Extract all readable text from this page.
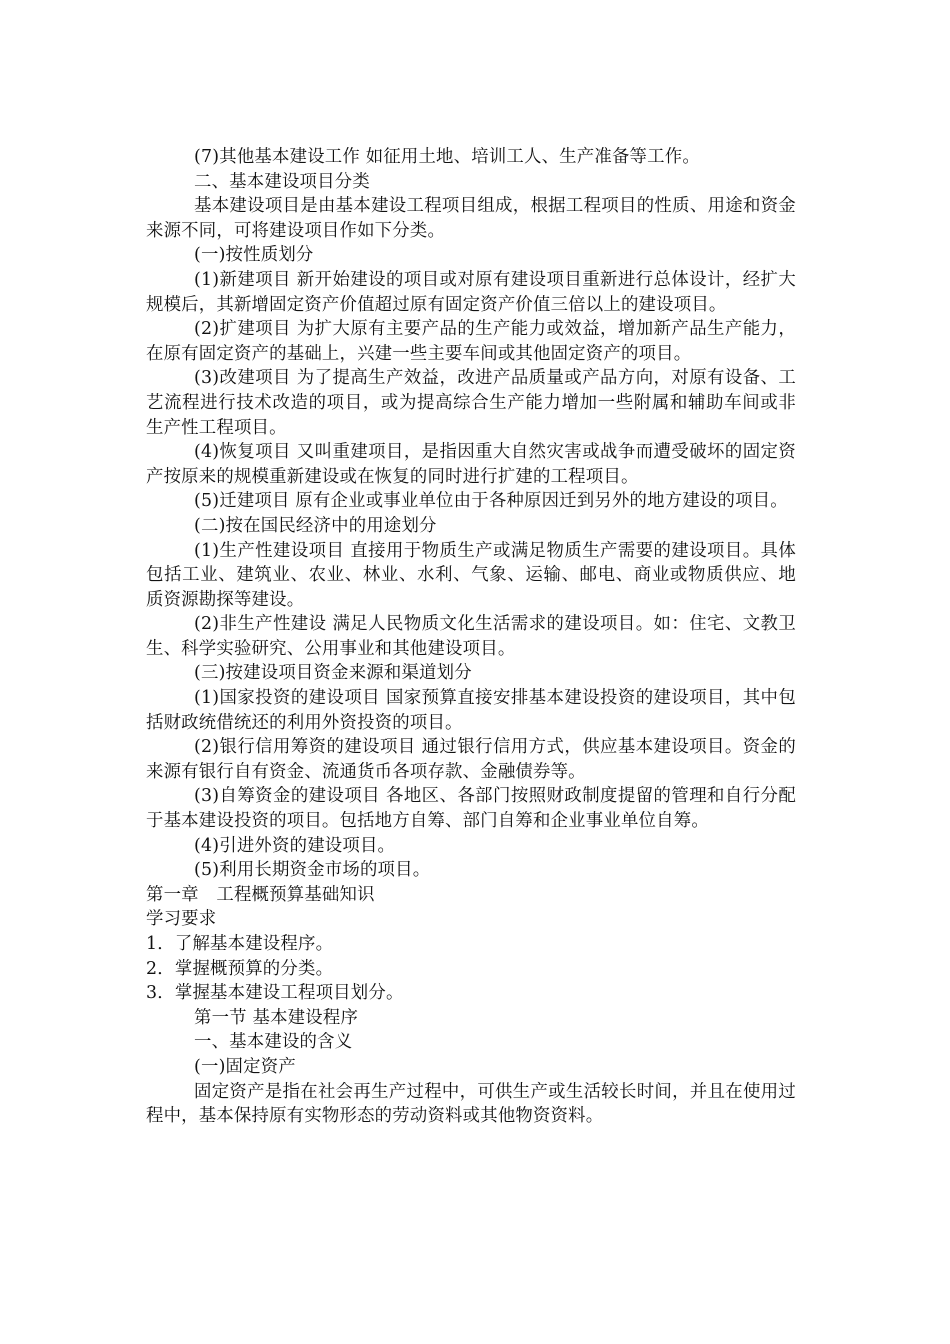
(7)其他基本建设工作 如征用土地、培训工人、生产准备等工作。

二、基本建设项目分类

基本建设项目是由基本建设工程项目组成，根据工程项目的性质、用途和资金来源不同，可将建设项目作如下分类。

(一)按性质划分

(1)新建项目 新开始建设的项目或对原有建设项目重新进行总体设计，经扩大规模后，其新增固定资产价值超过原有固定资产价值三倍以上的建设项目。

(2)扩建项目 为扩大原有主要产品的生产能力或效益，增加新产品生产能力，在原有固定资产的基础上，兴建一些主要车间或其他固定资产的项目。

(3)改建项目 为了提高生产效益，改进产品质量或产品方向，对原有设备、工艺流程进行技术改造的项目，或为提高综合生产能力增加一些附属和辅助车间或非生产性工程项目。

(4)恢复项目 又叫重建项目，是指因重大自然灾害或战争而遭受破坏的固定资产按原来的规模重新建设或在恢复的同时进行扩建的工程项目。

(5)迁建项目 原有企业或事业单位由于各种原因迁到另外的地方建设的项目。

(二)按在国民经济中的用途划分

(1)生产性建设项目 直接用于物质生产或满足物质生产需要的建设项目。具体包括工业、建筑业、农业、林业、水利、气象、运输、邮电、商业或物质供应、地质资源勘探等建设。

(2)非生产性建设 满足人民物质文化生活需求的建设项目。如：住宅、文教卫生、科学实验研究、公用事业和其他建设项目。

(三)按建设项目资金来源和渠道划分

(1)国家投资的建设项目 国家预算直接安排基本建设投资的建设项目，其中包括财政统借统还的利用外资投资的项目。

(2)银行信用筹资的建设项目 通过银行信用方式，供应基本建设项目。资金的来源有银行自有资金、流通货币各项存款、金融债券等。

(3)自筹资金的建设项目 各地区、各部门按照财政制度提留的管理和自行分配于基本建设投资的项目。包括地方自筹、部门自筹和企业事业单位自筹。

(4)引进外资的建设项目。

(5)利用长期资金市场的项目。

第一章　工程概预算基础知识

学习要求

1．了解基本建设程序。

2．掌握概预算的分类。

3．掌握基本建设工程项目划分。

第一节 基本建设程序

一、基本建设的含义

(一)固定资产

固定资产是指在社会再生产过程中，可供生产或生活较长时间，并且在使用过程中，基本保持原有实物形态的劳动资料或其他物资资料。
